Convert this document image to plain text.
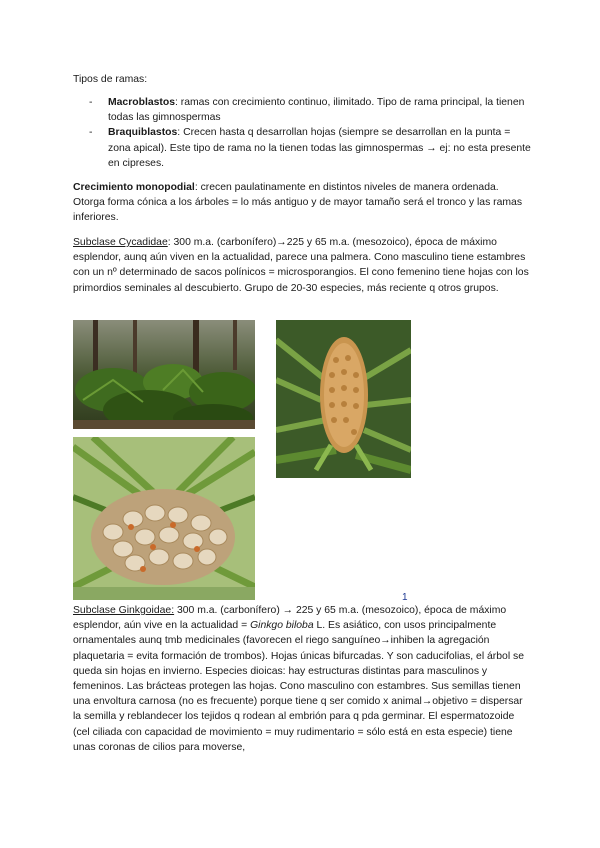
Tipos de ramas:
- Macroblastos: ramas con crecimiento continuo, ilimitado. Tipo de rama principal, la tienen todas las gimnospermas
- Braquiblastos: Crecen hasta q desarrollan hojas (siempre se desarrollan en la punta = zona apical). Este tipo de rama no la tienen todas las gimnospermas → ej: no esta presente en cipreses.
Crecimiento monopodial: crecen paulatinamente en distintos niveles de manera ordenada. Otorga forma cónica a los árboles = lo más antiguo y de mayor tamaño será el tronco y las ramas inferiores.
Subclase Cycadidae: 300 m.a. (carbonífero)→225 y 65 m.a. (mesozoico), época de máximo esplendor, aunq aún viven en la actualidad, parece una palmera. Cono masculino tiene estambres con un nº determinado de sacos polínicos = microsporangios. El cono femenino tiene hojas con los primordios seminales al descubierto. Grupo de 20-30 especies, más reciente q otros grupos.
1
Subclase Ginkgoidae: 300 m.a. (carbonífero) → 225 y 65 m.a. (mesozoico), época de máximo esplendor, aún vive en la actualidad = Ginkgo biloba L. Es asiático, con usos principalmente ornamentales aunq tmb medicinales (favorecen el riego sanguíneo→inhiben la agregación plaquetaria = evita formación de trombos). Hojas únicas bifurcadas. Y son caducifolias, el árbol se queda sin hojas en invierno. Especies dioicas: hay estructuras distintas para masculinos y femeninos. Las brácteas protegen las hojas. Cono masculino con estambres. Sus semillas tienen una envoltura carnosa (no es frecuente) porque tiene q ser comido x animal→objetivo = dispersar la semilla y reblandecer los tejidos q rodean al embrión para q pda germinar. El espermatozoide (cel ciliada con capacidad de movimiento = muy rudimentario = sólo está en esta especie) tiene unas coronas de cilios para moverse,
